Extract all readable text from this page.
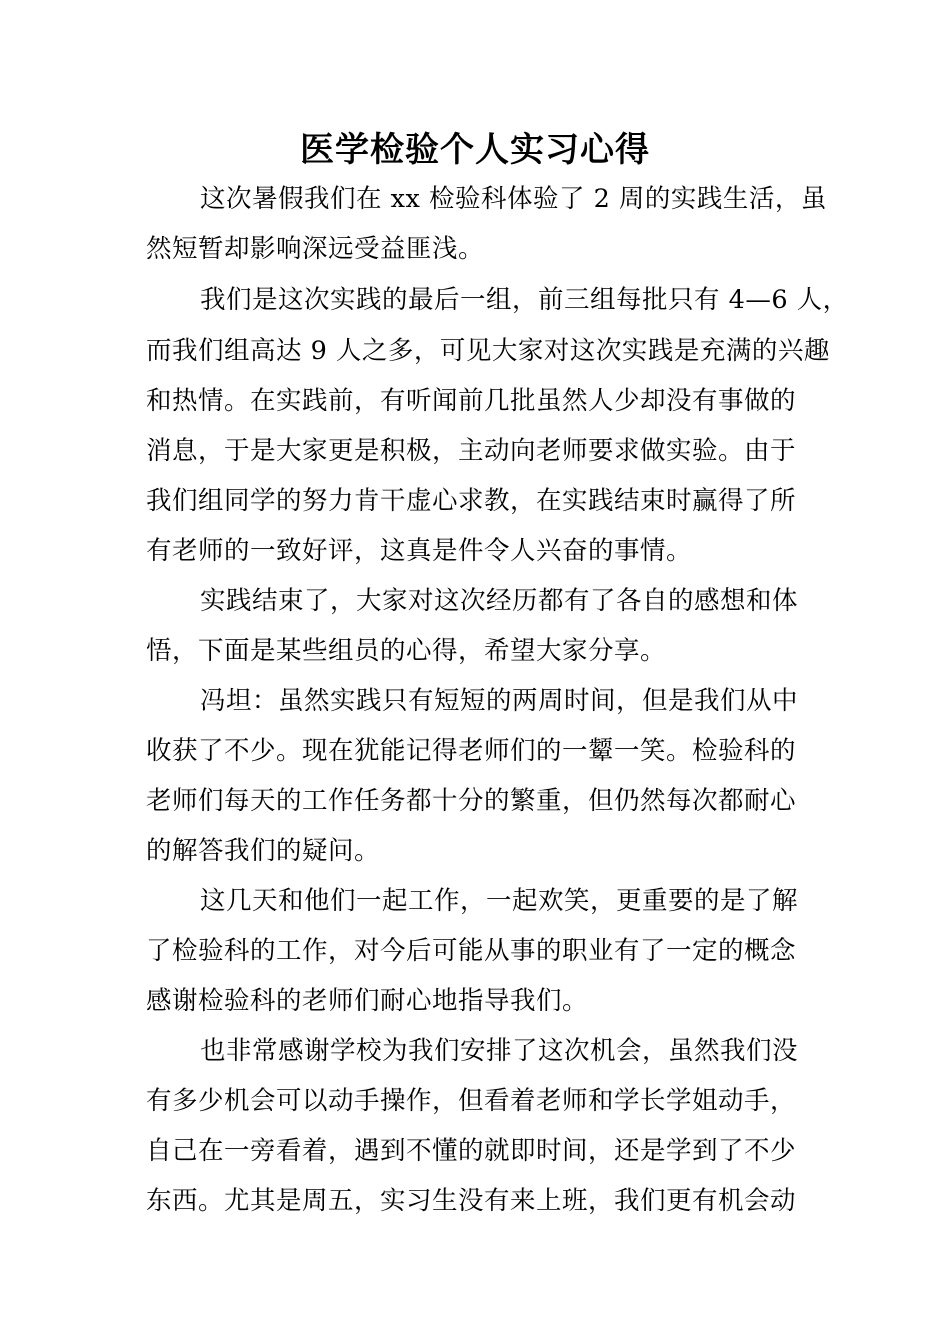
医学检验个人实习心得
这次暑假我们在 xx 检验科体验了 2 周的实践生活，虽
然短暂却影响深远受益匪浅。
我们是这次实践的最后一组，前三组每批只有 4—6 人，
而我们组高达 9 人之多，可见大家对这次实践是充满的兴趣
和热情。在实践前，有听闻前几批虽然人少却没有事做的
消息，于是大家更是积极，主动向老师要求做实验。由于
我们组同学的努力肯干虚心求教，在实践结束时赢得了所
有老师的一致好评，这真是件令人兴奋的事情。
实践结束了，大家对这次经历都有了各自的感想和体
悟，下面是某些组员的心得，希望大家分享。
冯坦：虽然实践只有短短的两周时间，但是我们从中
收获了不少。现在犹能记得老师们的一颦一笑。检验科的
老师们每天的工作任务都十分的繁重，但仍然每次都耐心
的解答我们的疑问。
这几天和他们一起工作，一起欢笑，更重要的是了解
了检验科的工作，对今后可能从事的职业有了一定的概念
感谢检验科的老师们耐心地指导我们。
也非常感谢学校为我们安排了这次机会，虽然我们没
有多少机会可以动手操作，但看着老师和学长学姐动手，
自己在一旁看着，遇到不懂的就即时间，还是学到了不少
东西。尤其是周五，实习生没有来上班，我们更有机会动
